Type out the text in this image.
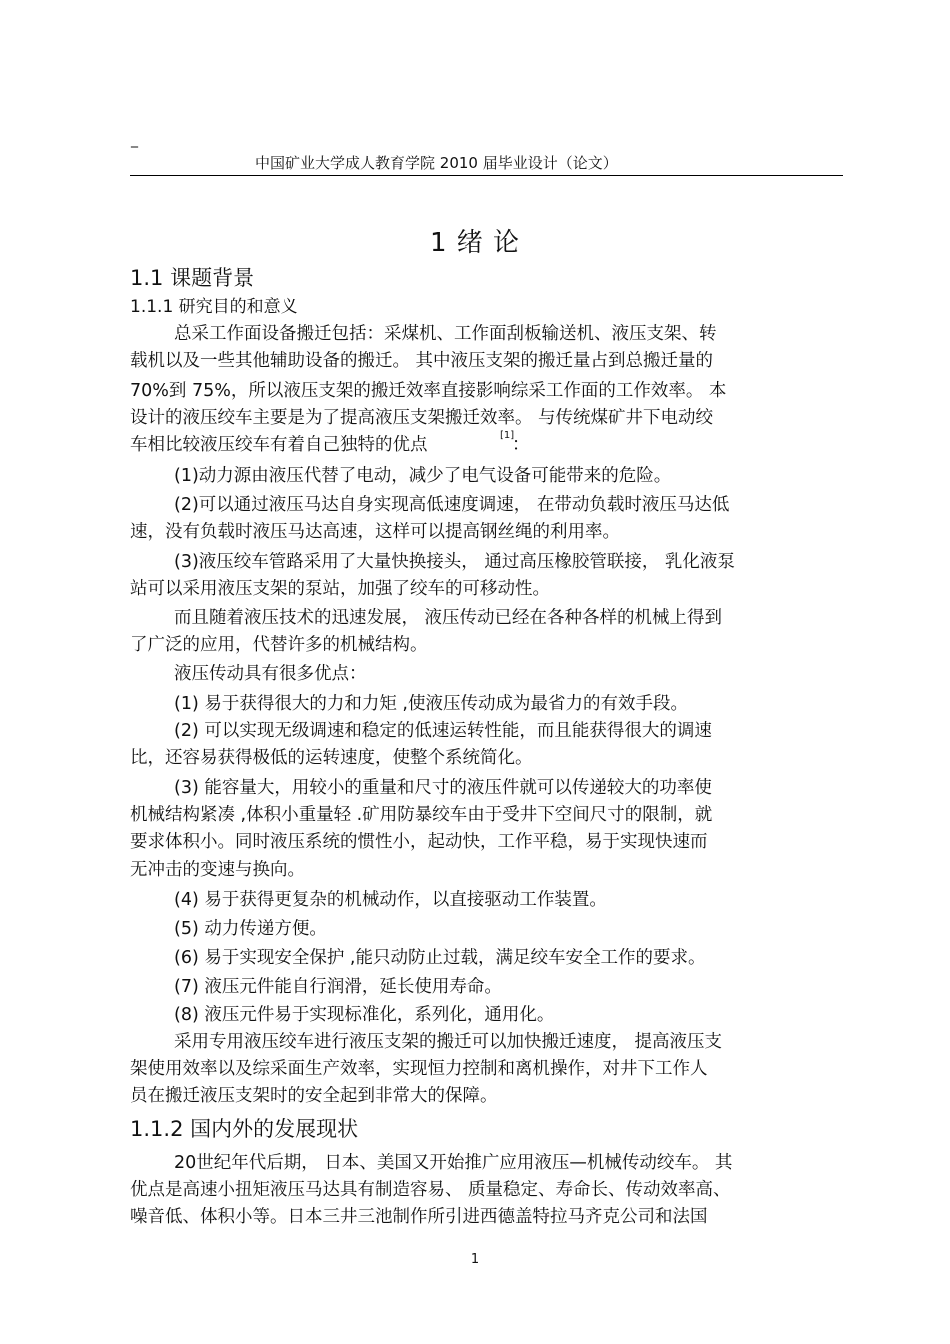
_
中国矿业大学成人教育学院 2010 届毕业设计（论文）
1 绪 论
1.1 课题背景
1.1.1 研究目的和意义
总采工作面设备搬迁包括：采煤机、工作面刮板输送机、液压支架、转
载机以及一些其他辅助设备的搬迁。 其中液压支架的搬迁量占到总搬迁量的
70%到 75%，所以液压支架的搬迁效率直接影响综采工作面的工作效率。 本
设计的液压绞车主要是为了提高液压支架搬迁效率。 与传统煤矿井下电动绞
车相比较液压绞车有着自己独特的优点	[1]
：
(1)动力源由液压代替了电动，减少了电气设备可能带来的危险。
(2)可以通过液压马达自身实现高低速度调速， 在带动负载时液压马达低
速，没有负载时液压马达高速，这样可以提高钢丝绳的利用率。
(3)液压绞车管路采用了大量快换接头， 通过高压橡胶管联接， 乳化液泵
站可以采用液压支架的泵站，加强了绞车的可移动性。
而且随着液压技术的迅速发展， 液压传动已经在各种各样的机械上得到
了广泛的应用，代替许多的机械结构。
液压传动具有很多优点：
(1) 易于获得很大的力和力矩 ,使液压传动成为最省力的有效手段。
(2) 可以实现无级调速和稳定的低速运转性能，而且能获得很大的调速
比，还容易获得极低的运转速度，使整个系统简化。
(3) 能容量大，用较小的重量和尺寸的液压件就可以传递较大的功率使
机械结构紧凑 ,体积小重量轻 .矿用防暴绞车由于受井下空间尺寸的限制，就
要求体积小。同时液压系统的惯性小，起动快，工作平稳，易于实现快速而
无冲击的变速与换向。
(4) 易于获得更复杂的机械动作，以直接驱动工作装置。
(5) 动力传递方便。
(6) 易于实现安全保护 ,能只动防止过载，满足绞车安全工作的要求。
(7) 液压元件能自行润滑，延长使用寿命。
(8) 液压元件易于实现标准化，系列化，通用化。
采用专用液压绞车进行液压支架的搬迁可以加快搬迁速度， 提高液压支
架使用效率以及综采面生产效率，实现恒力控制和离机操作，对井下工作人
员在搬迁液压支架时的安全起到非常大的保障。
1.1.2 国内外的发展现状
20世纪年代后期， 日本、美国又开始推广应用液压—机械传动绞车。 其
优点是高速小扭矩液压马达具有制造容易、 质量稳定、寿命长、传动效率高、
噪音低、体积小等。日本三井三池制作所引进西德盖特拉马齐克公司和法国
1
